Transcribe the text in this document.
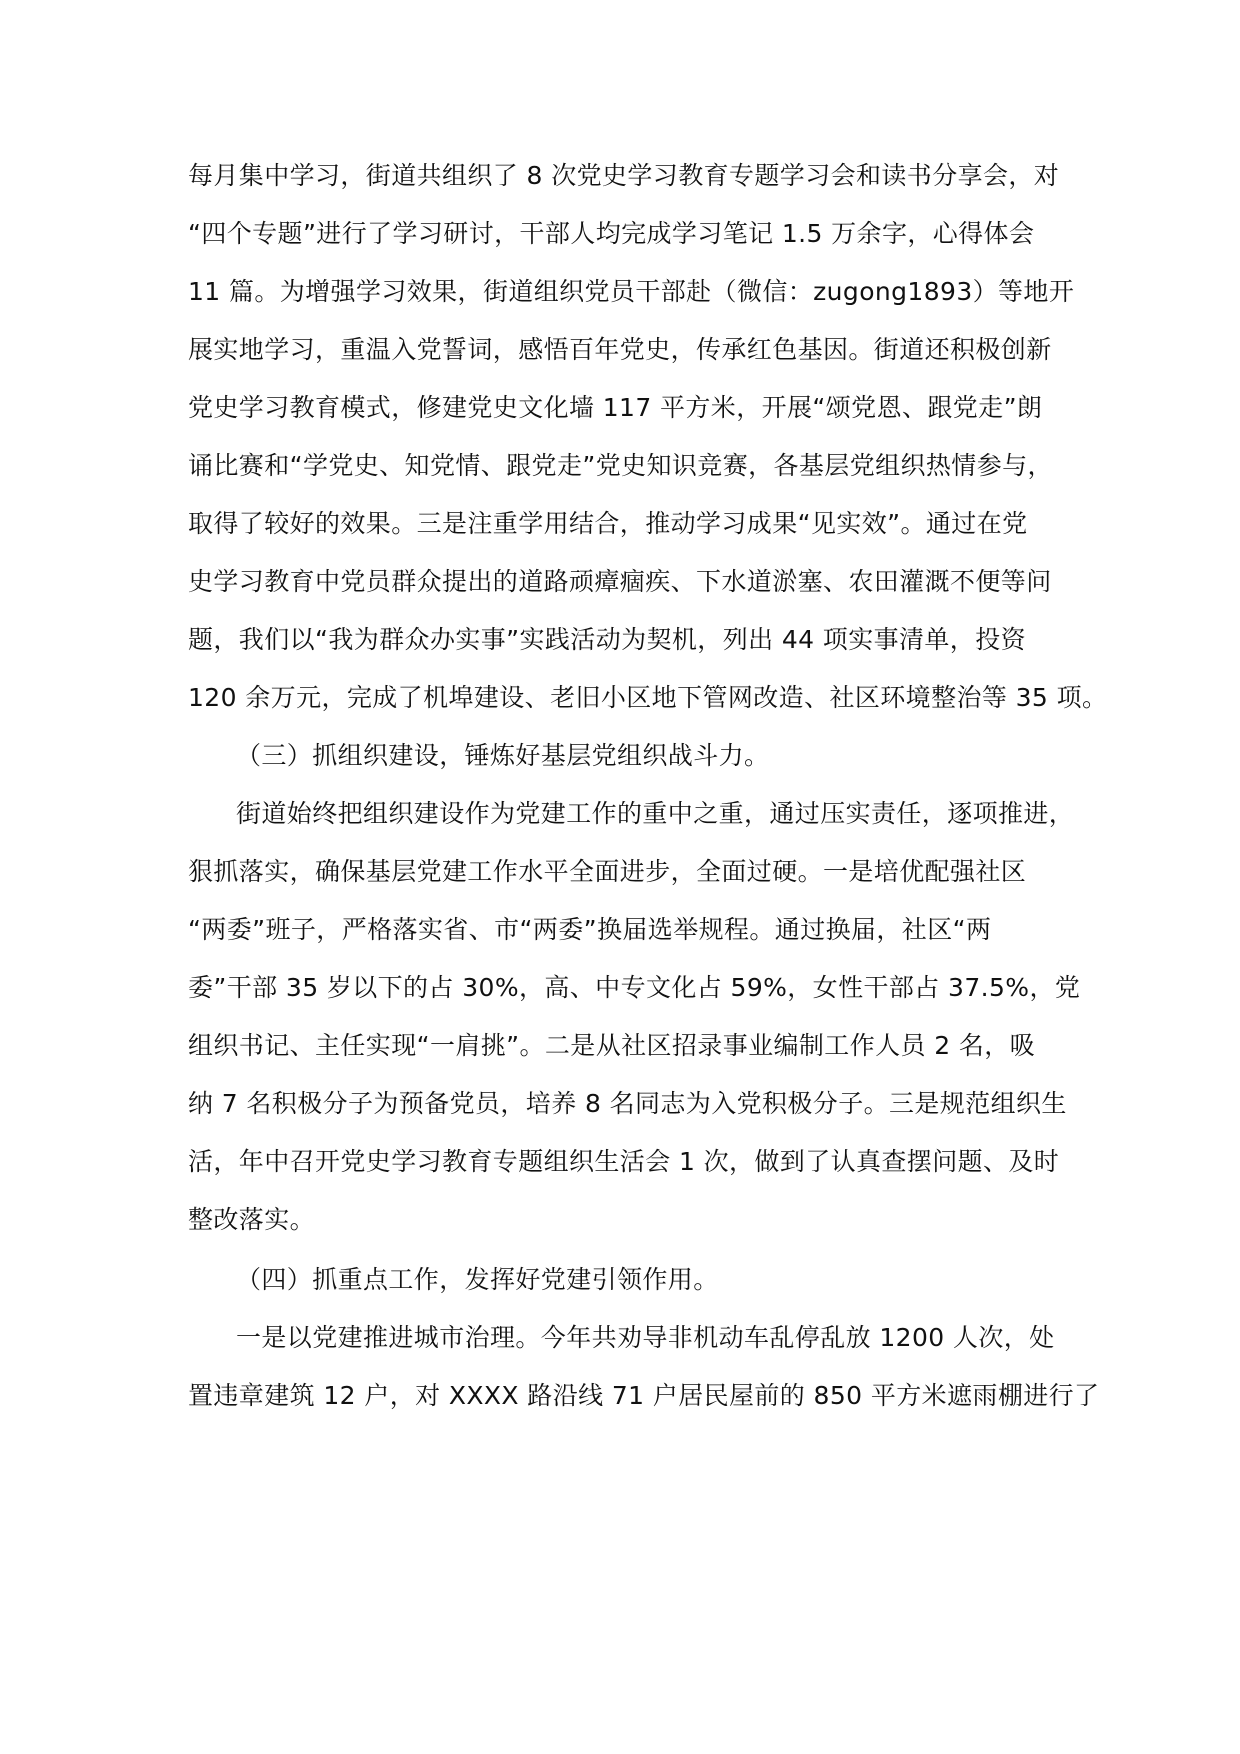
每月集中学习，街道共组织了 8 次党史学习教育专题学习会和读书分享会，对
“四个专题”进行了学习研讨，干部人均完成学习笔记 1.5 万余字，心得体会
11 篇。为增强学习效果，街道组织党员干部赴（微信：zugong1893）等地开
展实地学习，重温入党誓词，感悟百年党史，传承红色基因。街道还积极创新
党史学习教育模式，修建党史文化墙 117 平方米，开展“颂党恩、跟党走”朗
诵比赛和“学党史、知党情、跟党走”党史知识竞赛，各基层党组织热情参与，
取得了较好的效果。三是注重学用结合，推动学习成果“见实效”。通过在党
史学习教育中党员群众提出的道路顽瘴痼疾、下水道淤塞、农田灌溉不便等问
题，我们以“我为群众办实事”实践活动为契机，列出 44 项实事清单，投资
120 余万元，完成了机埠建设、老旧小区地下管网改造、社区环境整治等 35 项。
（三）抓组织建设，锤炼好基层党组织战斗力。
街道始终把组织建设作为党建工作的重中之重，通过压实责任，逐项推进，
狠抓落实，确保基层党建工作水平全面进步，全面过硬。一是培优配强社区
“两委”班子，严格落实省、市“两委”换届选举规程。通过换届，社区“两
委”干部 35 岁以下的占 30%，高、中专文化占 59%，女性干部占 37.5%，党
组织书记、主任实现“一肩挑”。二是从社区招录事业编制工作人员 2 名，吸
纳 7 名积极分子为预备党员，培养 8 名同志为入党积极分子。三是规范组织生
活，年中召开党史学习教育专题组织生活会 1 次，做到了认真查摆问题、及时
整改落实。
（四）抓重点工作，发挥好党建引领作用。
一是以党建推进城市治理。今年共劝导非机动车乱停乱放 1200 人次，处
置违章建筑 12 户，对 XXXX 路沿线 71 户居民屋前的 850 平方米遮雨棚进行了
